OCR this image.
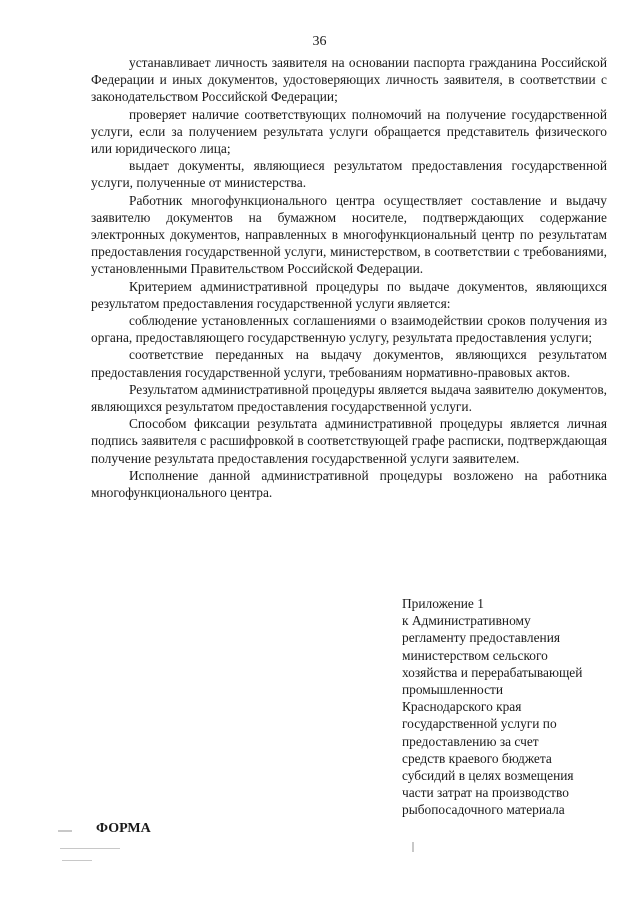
36

устанавливает личность заявителя на основании паспорта гражданина Российской Федерации и иных документов, удостоверяющих личность заявителя, в соответствии с законодательством Российской Федерации;

проверяет наличие соответствующих полномочий на получение государственной услуги, если за получением результата услуги обращается представитель физического или юридического лица;

выдает документы, являющиеся результатом предоставления государственной услуги, полученные от министерства.

Работник многофункционального центра осуществляет составление и выдачу заявителю документов на бумажном носителе, подтверждающих содержание электронных документов, направленных в многофункциональный центр по результатам предоставления государственной услуги, министерством, в соответствии с требованиями, установленными Правительством Российской Федерации.

Критерием административной процедуры по выдаче документов, являющихся результатом предоставления государственной услуги является:

соблюдение установленных соглашениями о взаимодействии сроков получения из органа, предоставляющего государственную услугу, результата предоставления услуги;

соответствие переданных на выдачу документов, являющихся результатом предоставления государственной услуги, требованиям нормативно-правовых актов.

Результатом административной процедуры является выдача заявителю документов, являющихся результатом предоставления государственной услуги.

Способом фиксации результата административной процедуры является личная подпись заявителя с расшифровкой в соответствующей графе расписки, подтверждающая получение результата предоставления государственной услуги заявителем.

Исполнение данной административной процедуры возложено на работника многофункционального центра.

Приложение 1
к Административному
регламенту предоставления
министерством сельского
хозяйства и перерабатывающей
промышленности
Краснодарского края
государственной услуги по
предоставлению за счет
средств краевого бюджета
субсидий в целях возмещения
части затрат на производство
рыбопосадочного материала
ФОРМА
